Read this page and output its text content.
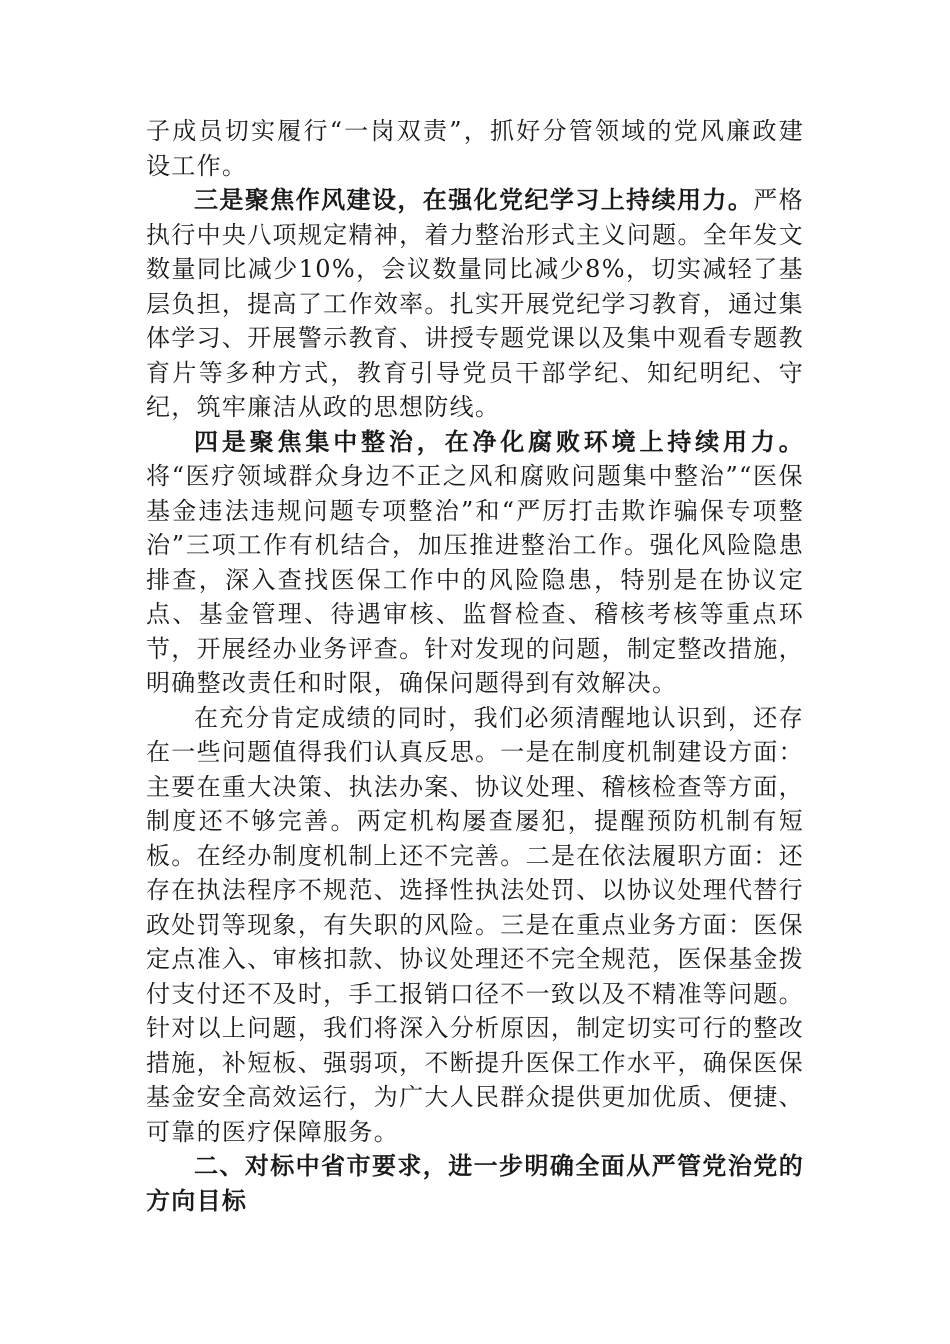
子成员切实履行“一岗双责”，抓好分管领域的党风廉政建设工作。

三是聚焦作风建设，在强化党纪学习上持续用力。严格执行中央八项规定精神，着力整治形式主义问题。全年发文数量同比减少10%，会议数量同比减少8%，切实减轻了基层负担，提高了工作效率。扎实开展党纪学习教育，通过集体学习、开展警示教育、讲授专题党课以及集中观看专题教育片等多种方式，教育引导党员干部学纪、知纪明纪、守纪，筑牢廉洁从政的思想防线。

四是聚焦集中整治，在净化腐败环境上持续用力。将“医疗领域群众身边不正之风和腐败问题集中整治”“医保基金违法违规问题专项整治”和“严厉打击欺诈骗保专项整治”三项工作有机结合，加压推进整治工作。强化风险隐患排查，深入查找医保工作中的风险隐患，特别是在协议定点、基金管理、待遇审核、监督检查、稽核考核等重点环节，开展经办业务评查。针对发现的问题，制定整改措施，明确整改责任和时限，确保问题得到有效解决。

在充分肯定成绩的同时，我们必须清醒地认识到，还存在一些问题值得我们认真反思。一是在制度机制建设方面：主要在重大决策、执法办案、协议处理、稽核检查等方面，制度还不够完善。两定机构屡查屡犯，提醒预防机制有短板。在经办制度机制上还不完善。二是在依法履职方面：还存在执法程序不规范、选择性执法处罚、以协议处理代替行政处罚等现象，有失职的风险。三是在重点业务方面：医保定点准入、审核扣款、协议处理还不完全规范，医保基金拨付支付还不及时，手工报销口径不一致以及不精准等问题。针对以上问题，我们将深入分析原因，制定切实可行的整改措施，补短板、强弱项，不断提升医保工作水平，确保医保基金安全高效运行，为广大人民群众提供更加优质、便捷、可靠的医疗保障服务。

二、对标中省市要求，进一步明确全面从严管党治党的方向目标
